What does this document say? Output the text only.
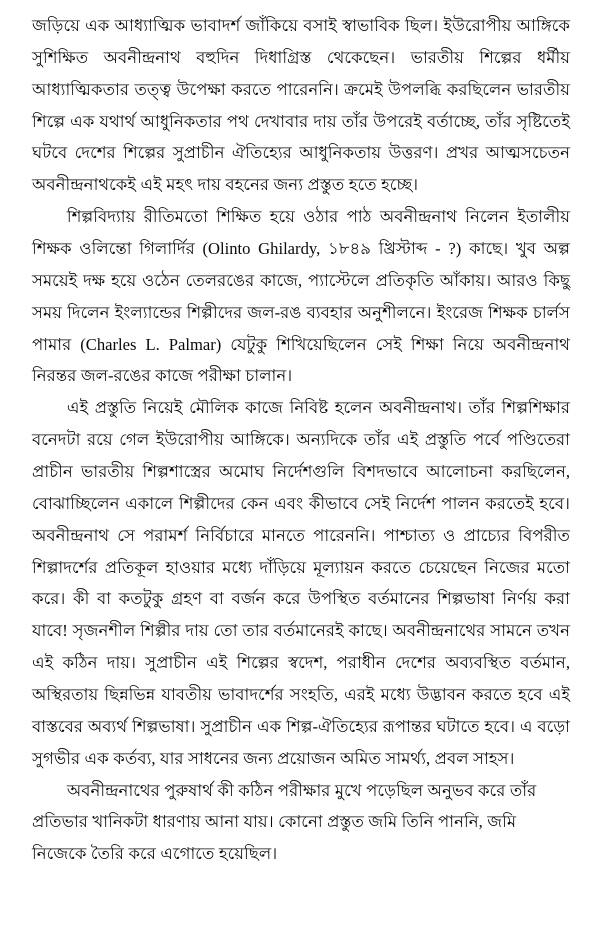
জড়িয়ে এক আধ্যাত্মিক ভাবাদর্শ জাঁকিয়ে বসাই স্বাভাবিক ছিল। ইউরোপীয় আঙ্গিকে সুশিক্ষিত অবনীন্দ্রনাথ বহুদিন দিধাগ্রিস্ত থেকেছেন। ভারতীয় শিল্পের ধর্মীয় আধ্যাত্মিকতার তত্ত্ব উপেক্ষা করতে পারেননি। ক্রমেই উপলব্ধি করছিলেন ভারতীয় শিল্পে এক যথার্থ আধুনিকতার পথ দেখাবার দায় তাঁর উপরেই বর্তাচ্ছে, তাঁর সৃষ্টিতেই ঘটবে দেশের শিল্পের সুপ্রাচীন ঐতিহ্যের আধুনিকতায় উত্তরণ। প্রখর আত্মসচেতন অবনীন্দ্রনাথকেই এই মহৎ দায় বহনের জন্য প্রস্তুত হতে হচ্ছে।

শিল্পবিদ্যায় রীতিমতো শিক্ষিত হয়ে ওঠার পাঠ অবনীন্দ্রনাথ নিলেন ইতালীয় শিক্ষক ওলিন্তো গিলার্দির (Olinto Ghilardy, ১৮৪৯ খ্রিস্টাব্দ - ?) কাছে। খুব অল্প সময়েই দক্ষ হয়ে ওঠেন তেলরঙের কাজে, প্যাস্টেলে প্রতিকৃতি আঁকায়। আরও কিছু সময় দিলেন ইংল্যান্ডের শিল্পীদের জল-রঙ ব্যবহার অনুশীলনে। ইংরেজ শিক্ষক চার্লস পামার (Charles L. Palmar) যেটুকু শিখিয়েছিলেন সেই শিক্ষা নিয়ে অবনীন্দ্রনাথ নিরন্তর জল-রঙের কাজে পরীক্ষা চালান।

এই প্রস্তুতি নিয়েই মৌলিক কাজে নিবিষ্ট হলেন অবনীন্দ্রনাথ। তাঁর শিল্পশিক্ষার বনেদটা রয়ে গেল ইউরোপীয় আঙ্গিকে। অন্যদিকে তাঁর এই প্রস্তুতি পর্বে পণ্ডিতেরা প্রাচীন ভারতীয় শিল্পশাস্ত্রের অমোঘ নির্দেশগুলি বিশদভাবে আলোচনা করছিলেন, বোঝাচ্ছিলেন একালে শিল্পীদের কেন এবং কীভাবে সেই নির্দেশ পালন করতেই হবে। অবনীন্দ্রনাথ সে পরামর্শ নির্বিচারে মানতে পারেননি। পাশ্চাত্য ও প্রাচ্যের বিপরীত শিল্পাদর্শের প্রতিকূল হাওয়ার মধ্যে দাঁড়িয়ে মূল্যায়ন করতে চেয়েছেন নিজের মতো করে। কী বা কতটুকু গ্রহণ বা বর্জন করে উপস্থিত বর্তমানের শিল্পভাষা নির্ণয় করা যাবে! সৃজনশীল শিল্পীর দায় তো তার বর্তমানেরই কাছে। অবনীন্দ্রনাথের সামনে তখন এই কঠিন দায়। সুপ্রাচীন এই শিল্পের স্বদেশ, পরাধীন দেশের অব্যবস্থিত বর্তমান, অস্থিরতায় ছিন্নভিন্ন যাবতীয় ভাবাদর্শের সংহতি, এরই মধ্যে উদ্ভাবন করতে হবে এই বাস্তবের অব্যর্থ শিল্পভাষা। সুপ্রাচীন এক শিল্প-ঐতিহ্যের রূপান্তর ঘটাতে হবে। এ বড়ো সুগভীর এক কর্তব্য, যার সাধনের জন্য প্রয়োজন অমিত সামর্থ্য, প্রবল সাহস।

অবনীন্দ্রনাথের পুরুষার্থ কী কঠিন পরীক্ষার মুখে পড়েছিল অনুভব করে তাঁর প্রতিভার খানিকটা ধারণায় আনা যায়। কোনো প্রস্তুত জমি তিনি পাননি, জমি নিজেকে তৈরি করে এগোতে হয়েছিল।
